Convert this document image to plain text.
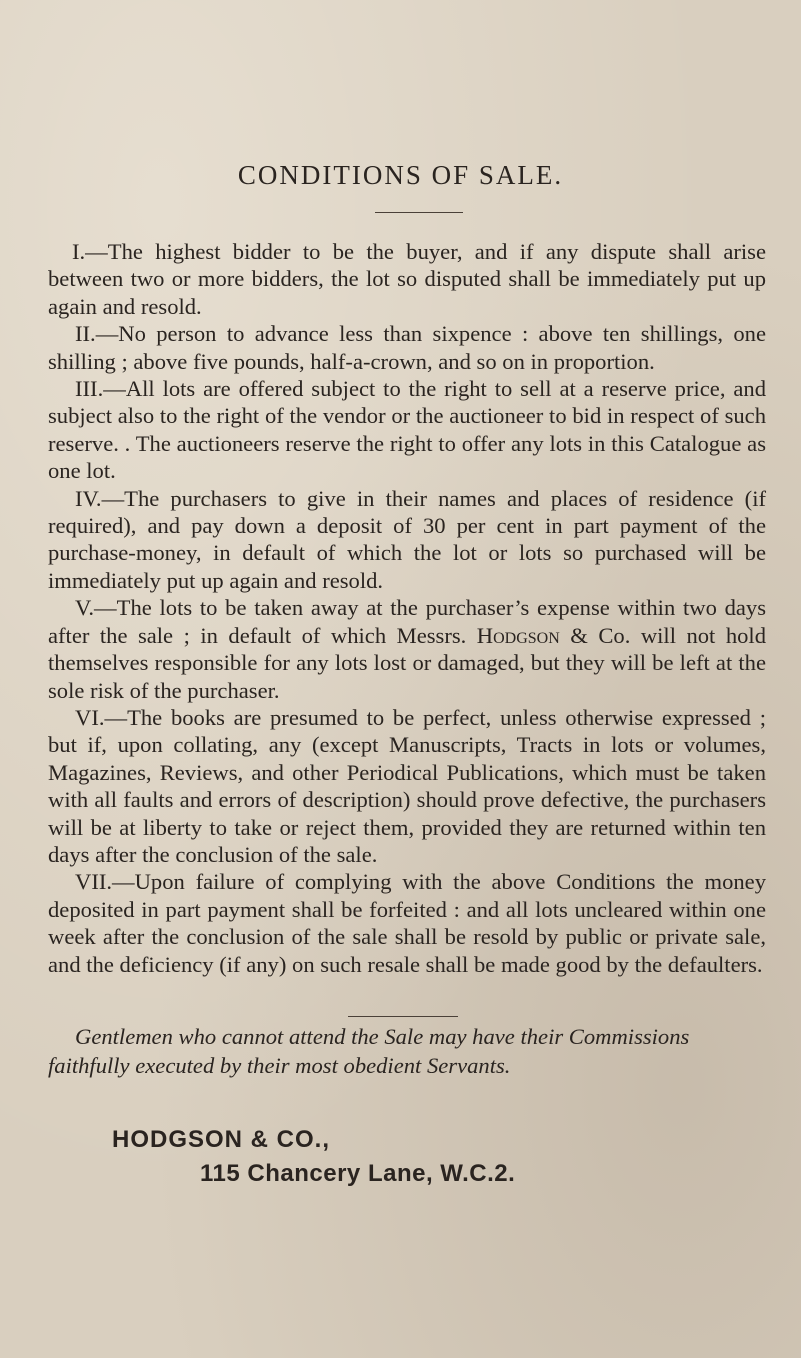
CONDITIONS OF SALE.

I.—The highest bidder to be the buyer, and if any dispute shall arise between two or more bidders, the lot so disputed shall be immediately put up again and resold.

II.—No person to advance less than sixpence : above ten shillings, one shilling ; above five pounds, half-a-crown, and so on in proportion.

III.—All lots are offered subject to the right to sell at a reserve price, and subject also to the right of the vendor or the auctioneer to bid in respect of such reserve. . The auctioneers reserve the right to offer any lots in this Catalogue as one lot.

IV.—The purchasers to give in their names and places of residence (if required), and pay down a deposit of 30 per cent in part payment of the purchase-money, in default of which the lot or lots so purchased will be immediately put up again and resold.

V.—The lots to be taken away at the purchaser’s expense within two days after the sale ; in default of which Messrs. Hodgson & Co. will not hold themselves responsible for any lots lost or damaged, but they will be left at the sole risk of the purchaser.

VI.—The books are presumed to be perfect, unless otherwise expressed ; but if, upon collating, any (except Manuscripts, Tracts in lots or volumes, Magazines, Reviews, and other Periodical Publications, which must be taken with all faults and errors of description) should prove defective, the purchasers will be at liberty to take or reject them, provided they are returned within ten days after the conclusion of the sale.

VII.—Upon failure of complying with the above Conditions the money deposited in part payment shall be forfeited : and all lots uncleared within one week after the conclusion of the sale shall be resold by public or private sale, and the deficiency (if any) on such resale shall be made good by the defaulters.

Gentlemen who cannot attend the Sale may have their Commissions faithfully executed by their most obedient Servants.

HODGSON & CO.,

115 Chancery Lane, W.C.2.
